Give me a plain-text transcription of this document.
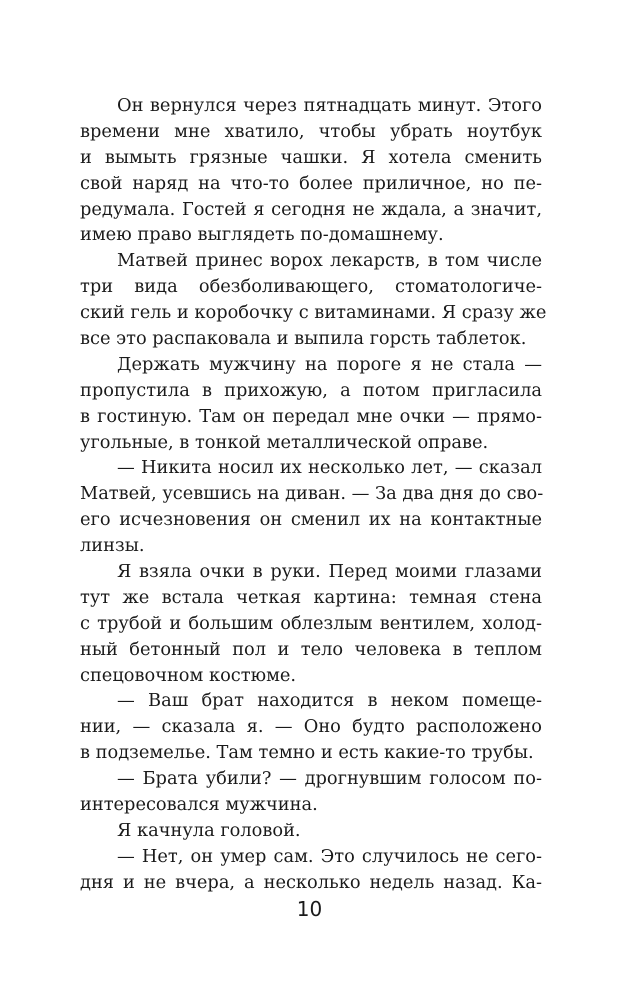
Он вернулся через пятнадцать минут. Этого
времени мне хватило, чтобы убрать ноутбук
и вымыть грязные чашки. Я хотела сменить
свой наряд на что-то более приличное, но пе-
редумала. Гостей я сегодня не ждала, а значит,
имею право выглядеть по-домашнему.
Матвей принес ворох лекарств, в том числе
три вида обезболивающего, стоматологиче-
ский гель и коробочку с витаминами. Я сразу же
все это распаковала и выпила горсть таблеток.
Держать мужчину на пороге я не стала —
пропустила в прихожую, а потом пригласила
в гостиную. Там он передал мне очки — прямо-
угольные, в тонкой металлической оправе.
— Никита носил их несколько лет, — сказал
Матвей, усевшись на диван. — За два дня до сво-
его исчезновения он сменил их на контактные
линзы.
Я взяла очки в руки. Перед моими глазами
тут же встала четкая картина: темная стена
с трубой и большим облезлым вентилем, холод-
ный бетонный пол и тело человека в теплом
спецовочном костюме.
— Ваш брат находится в неком помеще-
нии, — сказала я. — Оно будто расположено
в подземелье. Там темно и есть какие-то трубы.
— Брата убили? — дрогнувшим голосом по-
интересовался мужчина.
Я качнула головой.
— Нет, он умер сам. Это случилось не сего-
дня и не вчера, а несколько недель назад. Ка-
10
